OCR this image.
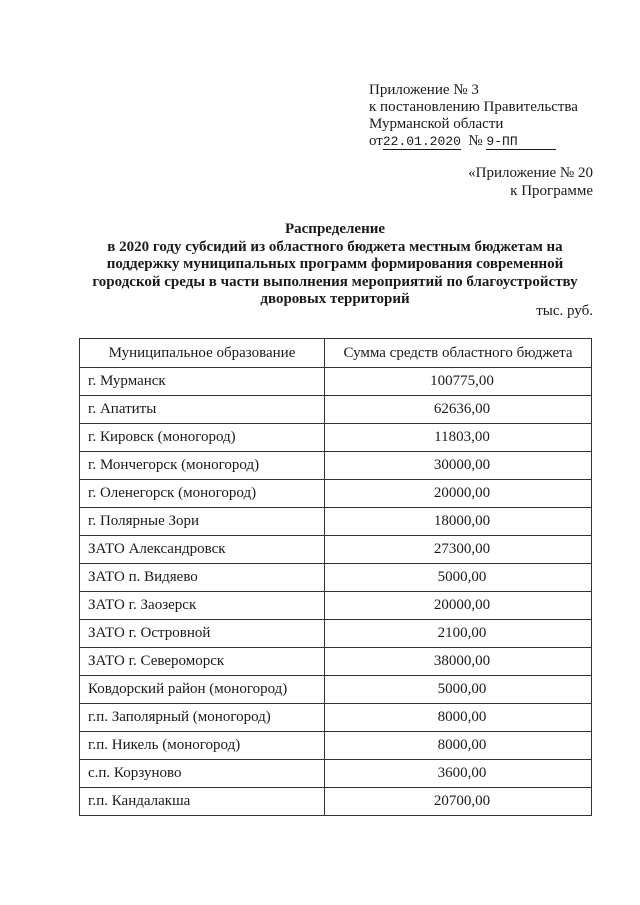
Приложение № 3
к постановлению Правительства
Мурманской области
от22.01.2020 № 9-ПП
«Приложение № 20
к Программе
Распределение
в 2020 году субсидий из областного бюджета местным бюджетам на
поддержку муниципальных программ формирования современной
городской среды в части выполнения мероприятий по благоустройству
дворовых территорий
тыс. руб.
Муниципальное образование	Сумма средств областного бюджета
г. Мурманск	100775,00
г. Апатиты	62636,00
г. Кировск (моногород)	11803,00
г. Мончегорск (моногород)	30000,00
г. Оленегорск (моногород)	20000,00
г. Полярные Зори	18000,00
ЗАТО Александровск	27300,00
ЗАТО п. Видяево	5000,00
ЗАТО г. Заозерск	20000,00
ЗАТО г. Островной	2100,00
ЗАТО г. Североморск	38000,00
Ковдорский район (моногород)	5000,00
г.п. Заполярный (моногород)	8000,00
г.п. Никель (моногород)	8000,00
с.п. Корзуново	3600,00
г.п. Кандалакша	20700,00
